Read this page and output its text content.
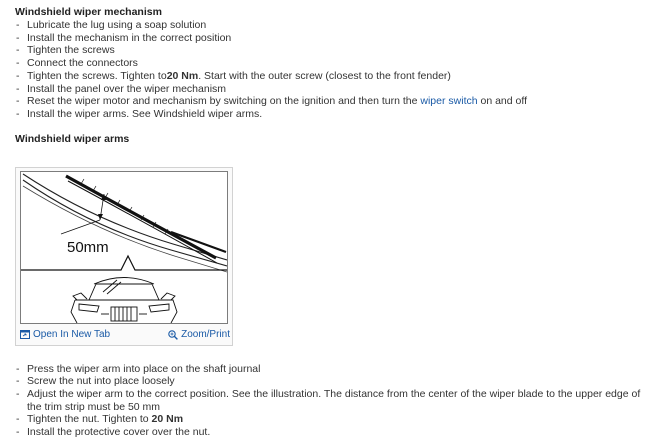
Windshield wiper mechanism
- Lubricate the lug using a soap solution
- Install the mechanism in the correct position
- Tighten the screws
- Connect the connectors
- Tighten the screws. Tighten to20 Nm. Start with the outer screw (closest to the front fender)
- Install the panel over the wiper mechanism
- Reset the wiper motor and mechanism by switching on the ignition and then turn the wiper switch on and off
- Install the wiper arms. See Windshield wiper arms.
Windshield wiper arms
50mm
Open In New Tab	Zoom/Print
- Press the wiper arm into place on the shaft journal
- Screw the nut into place loosely
- Adjust the wiper arm to the correct position. See the illustration. The distance from the center of the wiper blade to the upper edge of the trim strip must be 50 mm
- Tighten the nut. Tighten to 20 Nm
- Install the protective cover over the nut.
